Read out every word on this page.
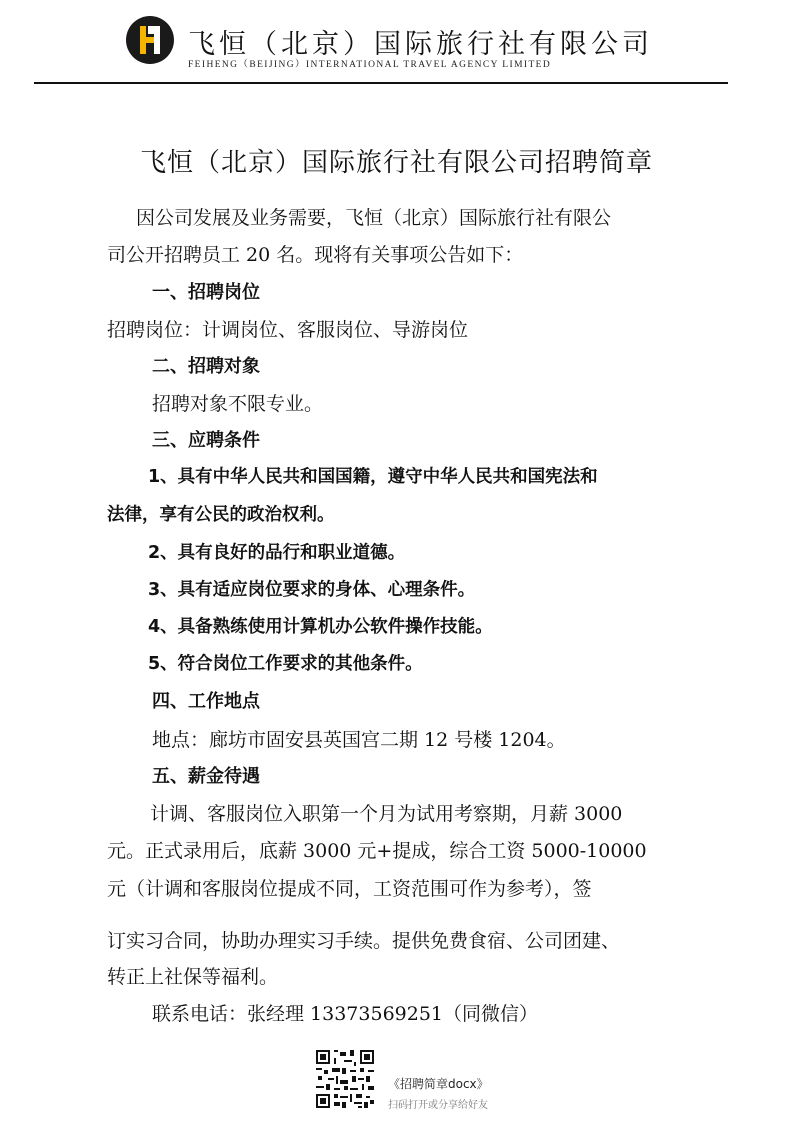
飞恒（北京）国际旅行社有限公司
FEIHENG（BEIJING）INTERNATIONAL TRAVEL AGENCY LIMITED
飞恒（北京）国际旅行社有限公司招聘简章
因公司发展及业务需要，飞恒（北京）国际旅行社有限公
司公开招聘员工 20 名。现将有关事项公告如下：
一、招聘岗位
招聘岗位：计调岗位、客服岗位、导游岗位
二、招聘对象
招聘对象不限专业。
三、应聘条件
1、具有中华人民共和国国籍，遵守中华人民共和国宪法和
法律，享有公民的政治权利。
2、具有良好的品行和职业道德。
3、具有适应岗位要求的身体、心理条件。
4、具备熟练使用计算机办公软件操作技能。
5、符合岗位工作要求的其他条件。
四、工作地点
地点：廊坊市固安县英国宫二期 12 号楼 1204。
五、薪金待遇
计调、客服岗位入职第一个月为试用考察期，月薪 3000
元。正式录用后，底薪 3000 元+提成，综合工资 5000-10000
元（计调和客服岗位提成不同，工资范围可作为参考），签
订实习合同，协助办理实习手续。提供免费食宿、公司团建、
转正上社保等福利。
联系电话：张经理 13373569251（同微信）
《招聘简章docx》
扫码打开或分享给好友
